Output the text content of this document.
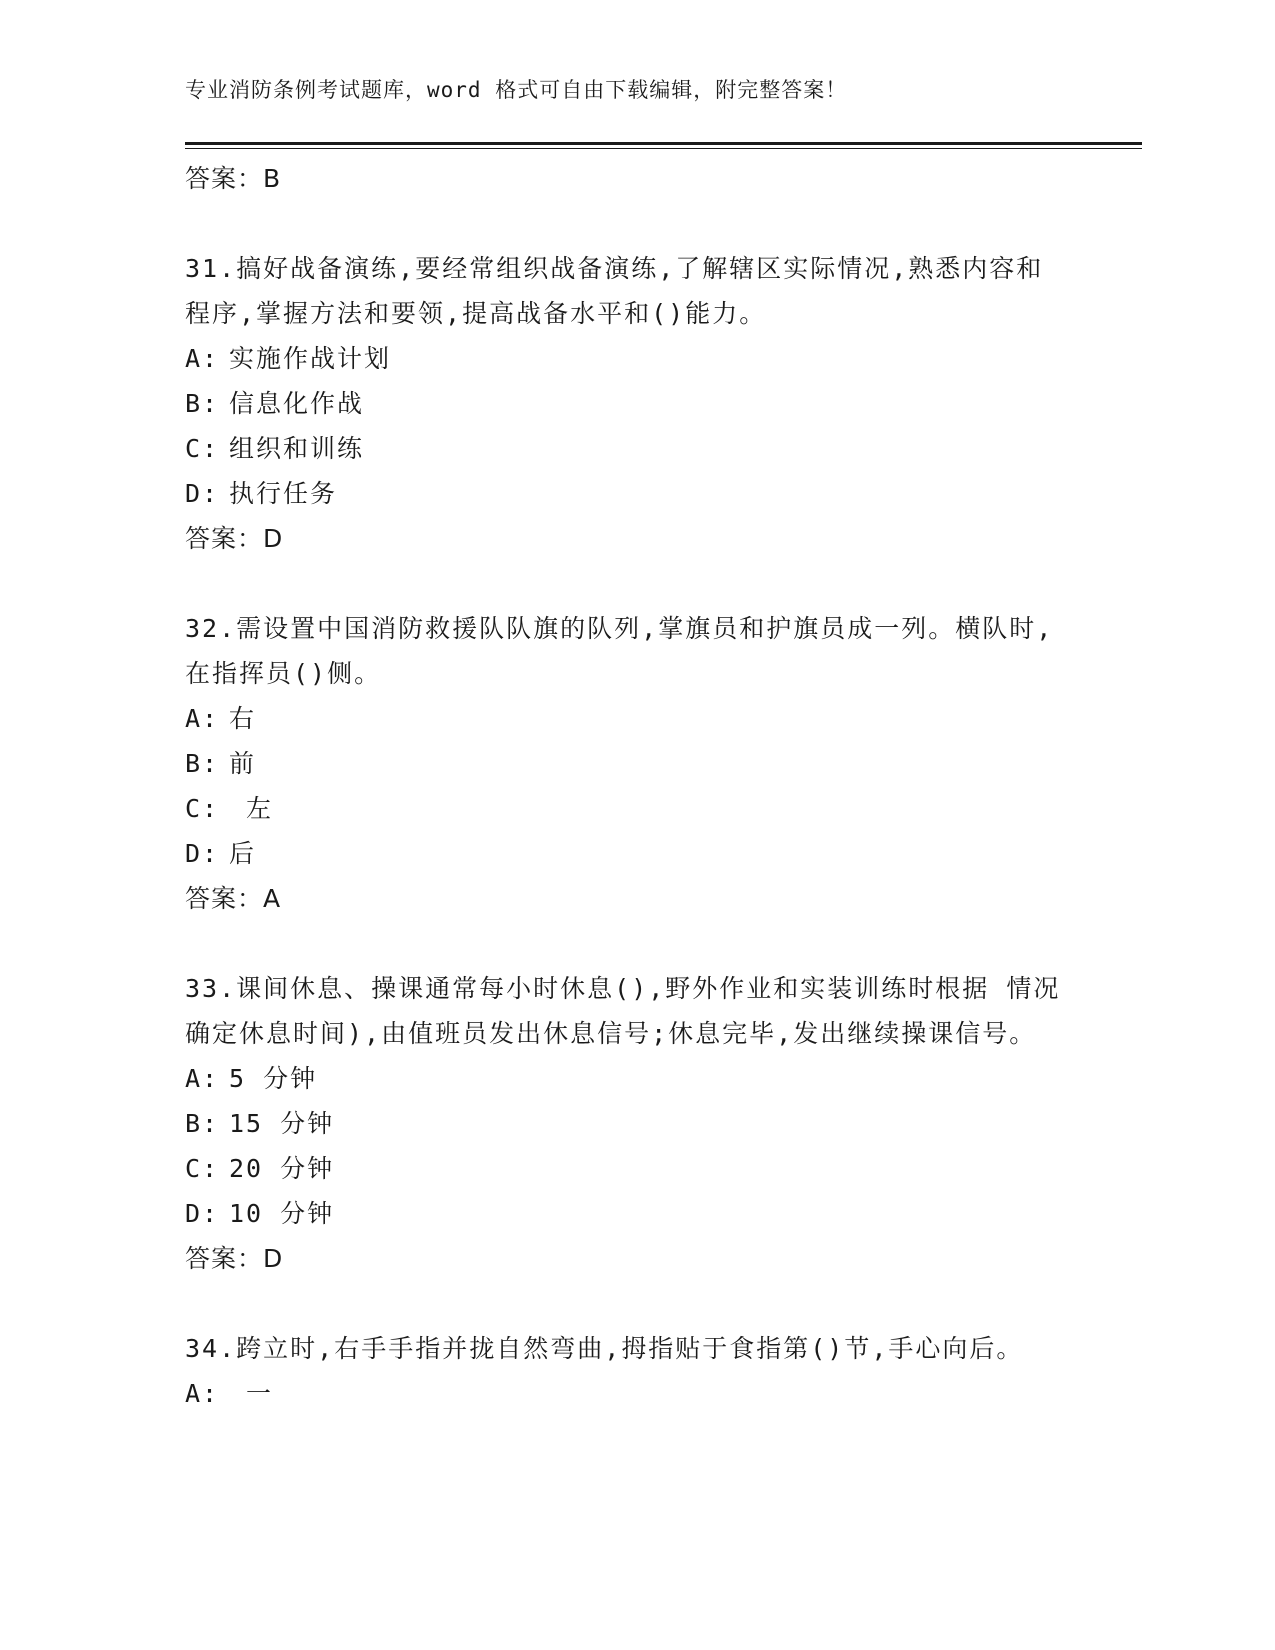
专业消防条例考试题库，word 格式可自由下载编辑，附完整答案！
答案：B
31.搞好战备演练,要经常组织战备演练,了解辖区实际情况,熟悉内容和程序,掌握方法和要领,提高战备水平和()能力。
A: 实施作战计划
B: 信息化作战
C: 组织和训练
D: 执行任务
答案：D
32.需设置中国消防救援队队旗的队列,掌旗员和护旗员成一列。横队时,在指挥员()侧。
A: 右
B: 前
C: 左
D: 后
答案：A
33.课间休息、操课通常每小时休息(),野外作业和实装训练时根据 情况确定休息时间),由值班员发出休息信号;休息完毕,发出继续操课信号。
A: 5 分钟
B: 15 分钟
C: 20 分钟
D: 10 分钟
答案：D
34.跨立时,右手手指并拢自然弯曲,拇指贴于食指第()节,手心向后。
A: 一
